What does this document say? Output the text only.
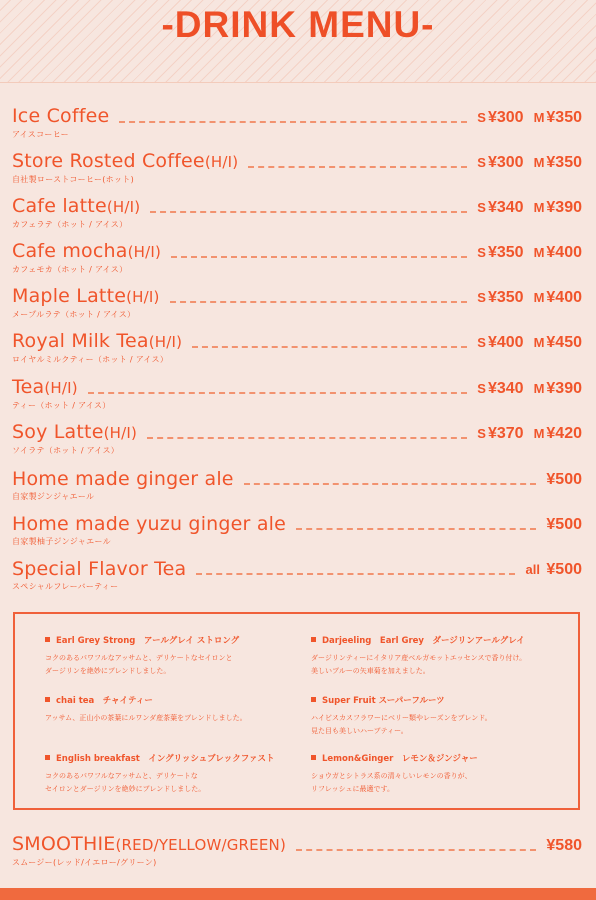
-DRINK MENU-
Ice Coffee	S ¥300 M ¥350
アイスコーヒー
Store Rosted Coffee(H/I)	S ¥300 M ¥350
自社製ローストコーヒー(ホット)
Cafe latte(H/I)	S ¥340 M ¥390
カフェラテ（ホット / アイス）
Cafe mocha(H/I)	S ¥350 M ¥400
カフェモカ（ホット / アイス）
Maple Latte(H/I)	S ¥350 M ¥400
メープルラテ（ホット / アイス）
Royal Milk Tea(H/I)	S ¥400 M ¥450
ロイヤルミルクティー（ホット / アイス）
Tea(H/I)	S ¥340 M ¥390
ティー（ホット / アイス）
Soy Latte(H/I)	S ¥370 M ¥420
ソイラテ（ホット / アイス）
Home made ginger ale	¥500
自家製ジンジャエール
Home made yuzu ginger ale	¥500
自家製柚子ジンジャエール
Special Flavor Tea	all ¥500
スペシャルフレーバーティー
Earl Grey Strong　アールグレイ ストロング
コクのあるパワフルなアッサムと、デリケートなセイロンと
ダージリンを絶妙にブレンドしました。
Darjeeling　Earl Grey　ダージリンアールグレイ
ダージリンティーにイタリア産ベルガモットエッセンスで香り付け。
美しいブルーの矢車菊を加えました。
chai tea　チャイティー
アッサム、正山小の茶葉にルワンダ産茶葉をブレンドしました。
Super Fruit スーパーフルーツ
ハイビスカスフラワーにベリー類やレーズンをブレンド。
見た目も美しいハーブティー。
English breakfast　イングリッシュブレックファスト
コクのあるパワフルなアッサムと、デリケートな
セイロンとダージリンを絶妙にブレンドしました。
Lemon&Ginger　レモン＆ジンジャー
ショウガとシトラス系の清々しいレモンの香りが、
リフレッシュに最適です。
SMOOTHIE(RED/YELLOW/GREEN)	¥580
スムージー(レッド/イエロー/グリーン)
